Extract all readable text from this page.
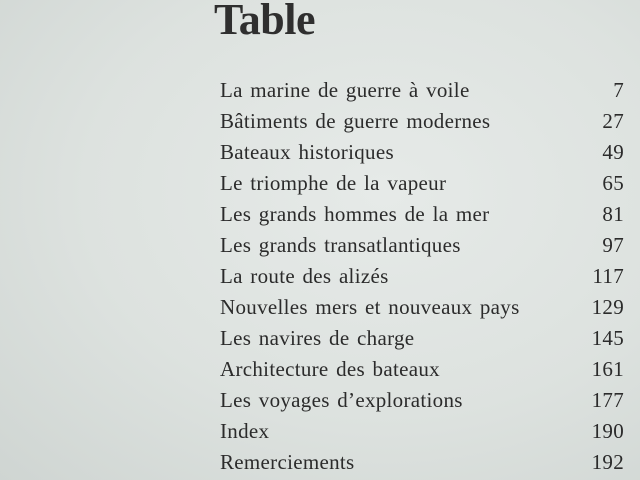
Table
La marine de guerre à voile	7
Bâtiments de guerre modernes	27
Bateaux historiques	49
Le triomphe de la vapeur	65
Les grands hommes de la mer	81
Les grands transatlantiques	97
La route des alizés	117
Nouvelles mers et nouveaux pays	129
Les navires de charge	145
Architecture des bateaux	161
Les voyages d’explorations	177
Index	190
Remerciements	192
